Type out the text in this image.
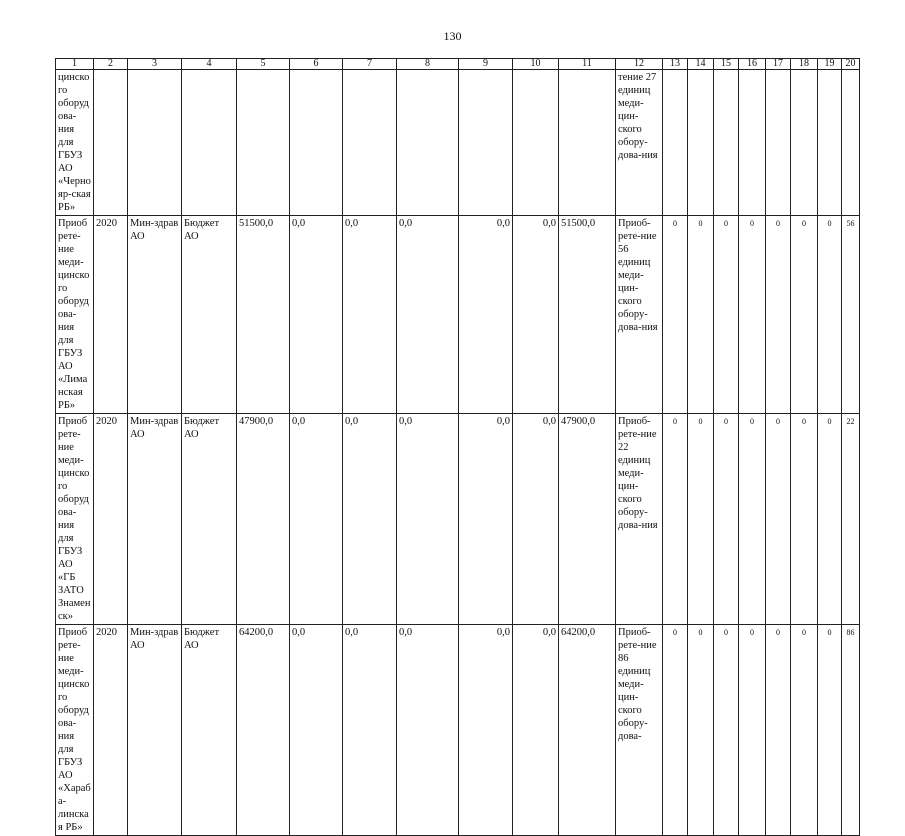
130
1	2	3	4	5	6	7	8	9	10	11	12	13	14	15	16	17	18	19	20
цинского оборудова-ния для ГБУЗ АО «Чернояр-ская РБ»											тение 27 единиц меди-цин-ского обору-дова-ния								
Приобрете-ние меди-цинского оборудова-ния для ГБУЗ АО «Лиманская РБ»	2020	Мин-здрав АО	Бюджет АО	51500,0	0,0	0,0	0,0	0,0	0,0	51500,0	Приоб-рете-ние 56 единиц меди-цин-ского обору-дова-ния	0	0	0	0	0	0	0	56
Приобрете-ние меди-цинского оборудова-ния для ГБУЗ АО «ГБ ЗАТО Знаменск»	2020	Мин-здрав АО	Бюджет АО	47900,0	0,0	0,0	0,0	0,0	0,0	47900,0	Приоб-рете-ние 22 единиц меди-цин-ского обору-дова-ния	0	0	0	0	0	0	0	22
Приобрете-ние меди-цинского оборудова-ния для ГБУЗ АО «Хараба-линская РБ»	2020	Мин-здрав АО	Бюджет АО	64200,0	0,0	0,0	0,0	0,0	0,0	64200,0	Приоб-рете-ние 86 единиц меди-цин-ского обору-дова-	0	0	0	0	0	0	0	86
